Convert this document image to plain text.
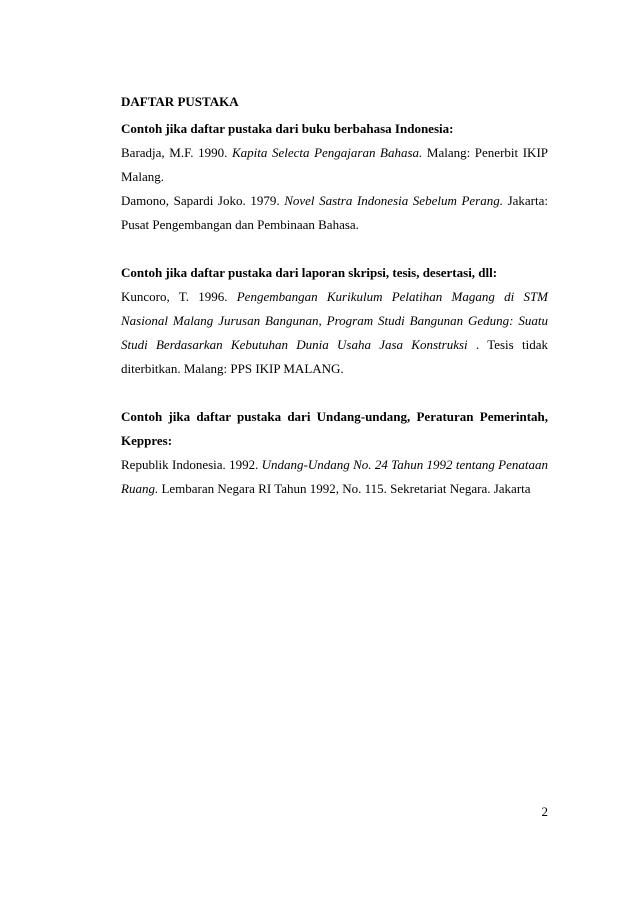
DAFTAR PUSTAKA

Contoh jika daftar pustaka dari buku berbahasa Indonesia:

Baradja, M.F. 1990. Kapita Selecta Pengajaran Bahasa. Malang: Penerbit IKIP Malang.

Damono, Sapardi Joko. 1979. Novel Sastra Indonesia Sebelum Perang. Jakarta: Pusat Pengembangan dan Pembinaan Bahasa.

Contoh jika daftar pustaka dari laporan skripsi, tesis, desertasi, dll:

Kuncoro, T. 1996. Pengembangan Kurikulum Pelatihan Magang di STM Nasional Malang Jurusan Bangunan, Program Studi Bangunan Gedung: Suatu Studi Berdasarkan Kebutuhan Dunia Usaha Jasa Konstruksi . Tesis tidak diterbitkan. Malang: PPS IKIP MALANG.

Contoh jika daftar pustaka dari Undang-undang, Peraturan Pemerintah, Keppres:

Republik Indonesia. 1992. Undang-Undang No. 24 Tahun 1992 tentang Penataan Ruang. Lembaran Negara RI Tahun 1992, No. 115. Sekretariat Negara. Jakarta

2
